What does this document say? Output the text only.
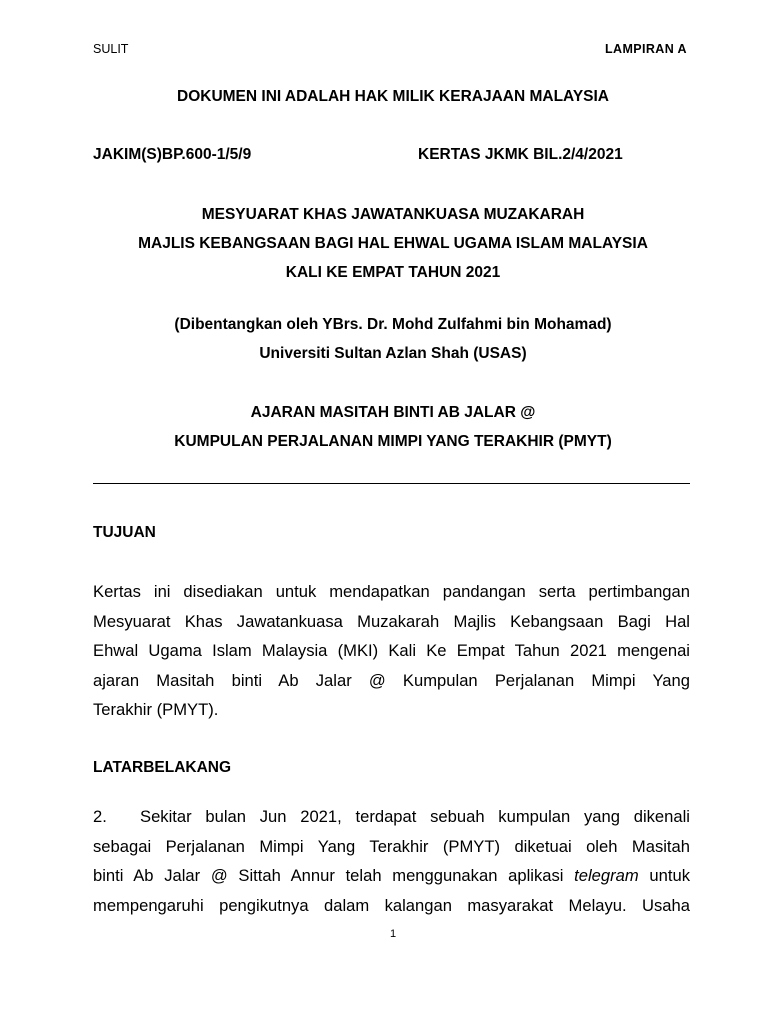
SULIT	LAMPIRAN A
DOKUMEN INI ADALAH HAK MILIK KERAJAAN MALAYSIA
JAKIM(S)BP.600-1/5/9	KERTAS JKMK BIL.2/4/2021
MESYUARAT KHAS JAWATANKUASA MUZAKARAH
MAJLIS KEBANGSAAN BAGI HAL EHWAL UGAMA ISLAM MALAYSIA
KALI KE EMPAT TAHUN 2021
(Dibentangkan oleh YBrs. Dr. Mohd Zulfahmi bin Mohamad)
Universiti Sultan Azlan Shah (USAS)
AJARAN MASITAH BINTI AB JALAR @
KUMPULAN PERJALANAN MIMPI YANG TERAKHIR (PMYT)
TUJUAN
Kertas ini disediakan untuk mendapatkan pandangan serta pertimbangan
Mesyuarat Khas Jawatankuasa Muzakarah Majlis Kebangsaan Bagi Hal
Ehwal Ugama Islam Malaysia (MKI) Kali Ke Empat Tahun 2021 mengenai
ajaran Masitah binti Ab Jalar @ Kumpulan Perjalanan Mimpi Yang
Terakhir (PMYT).
LATARBELAKANG
2. Sekitar bulan Jun 2021, terdapat sebuah kumpulan yang dikenali
sebagai Perjalanan Mimpi Yang Terakhir (PMYT) diketuai oleh Masitah
binti Ab Jalar @ Sittah Annur telah menggunakan aplikasi telegram untuk
mempengaruhi pengikutnya dalam kalangan masyarakat Melayu. Usaha
1
